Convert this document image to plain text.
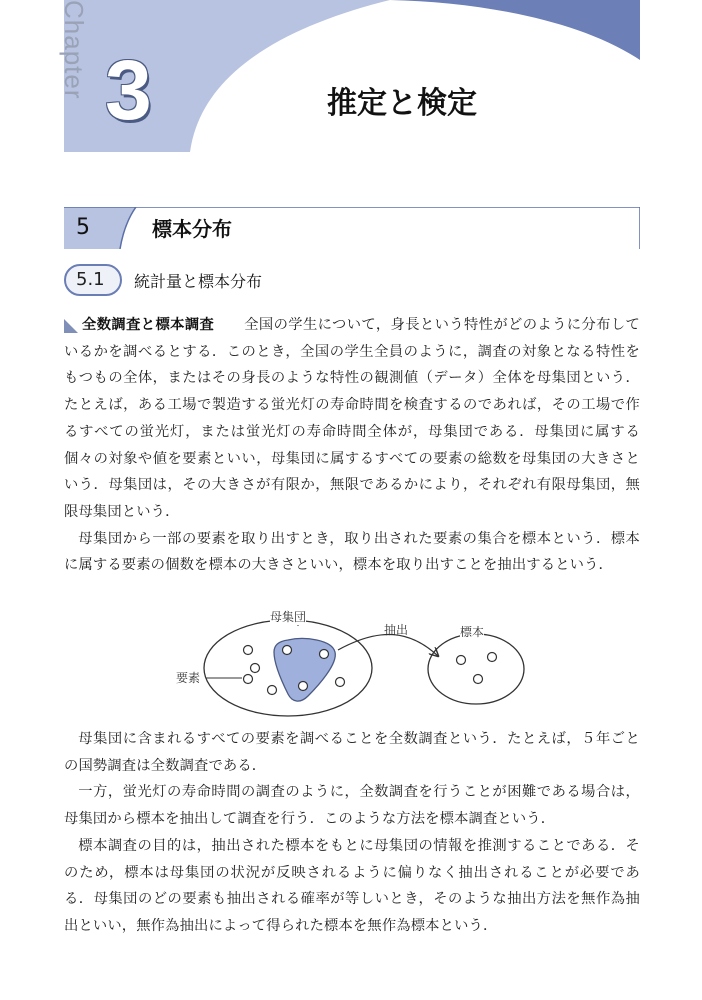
Chapter 3	推定と検定
5	標本分布
5.1 統計量と標本分布

全数調査と標本調査 全国の学生について，身長という特性がどのように分布しているかを調べるとする．このとき，全国の学生全員のように，調査の対象となる特性をもつもの全体，またはその身長のような特性の観測値（データ）全体を母集団という．たとえば，ある工場で製造する蛍光灯の寿命時間を検査するのであれば，その工場で作るすべての蛍光灯，または蛍光灯の寿命時間全体が，母集団である．母集団に属する個々の対象や値を要素といい，母集団に属するすべての要素の総数を母集団の大きさという．母集団は，その大きさが有限か，無限であるかにより，それぞれ有限母集団，無限母集団という．

母集団から一部の要素を取り出すとき，取り出された要素の集合を標本という．標本に属する要素の個数を標本の大きさといい，標本を取り出すことを抽出するという．

母集団
抽出	標本
要素

母集団に含まれるすべての要素を調べることを全数調査という．たとえば，５年ごとの国勢調査は全数調査である．

一方，蛍光灯の寿命時間の調査のように，全数調査を行うことが困難である場合は，母集団から標本を抽出して調査を行う．このような方法を標本調査という．

標本調査の目的は，抽出された標本をもとに母集団の情報を推測することである．そのため，標本は母集団の状況が反映されるように偏りなく抽出されることが必要である．母集団のどの要素も抽出される確率が等しいとき，そのような抽出方法を無作為抽出といい，無作為抽出によって得られた標本を無作為標本という．
